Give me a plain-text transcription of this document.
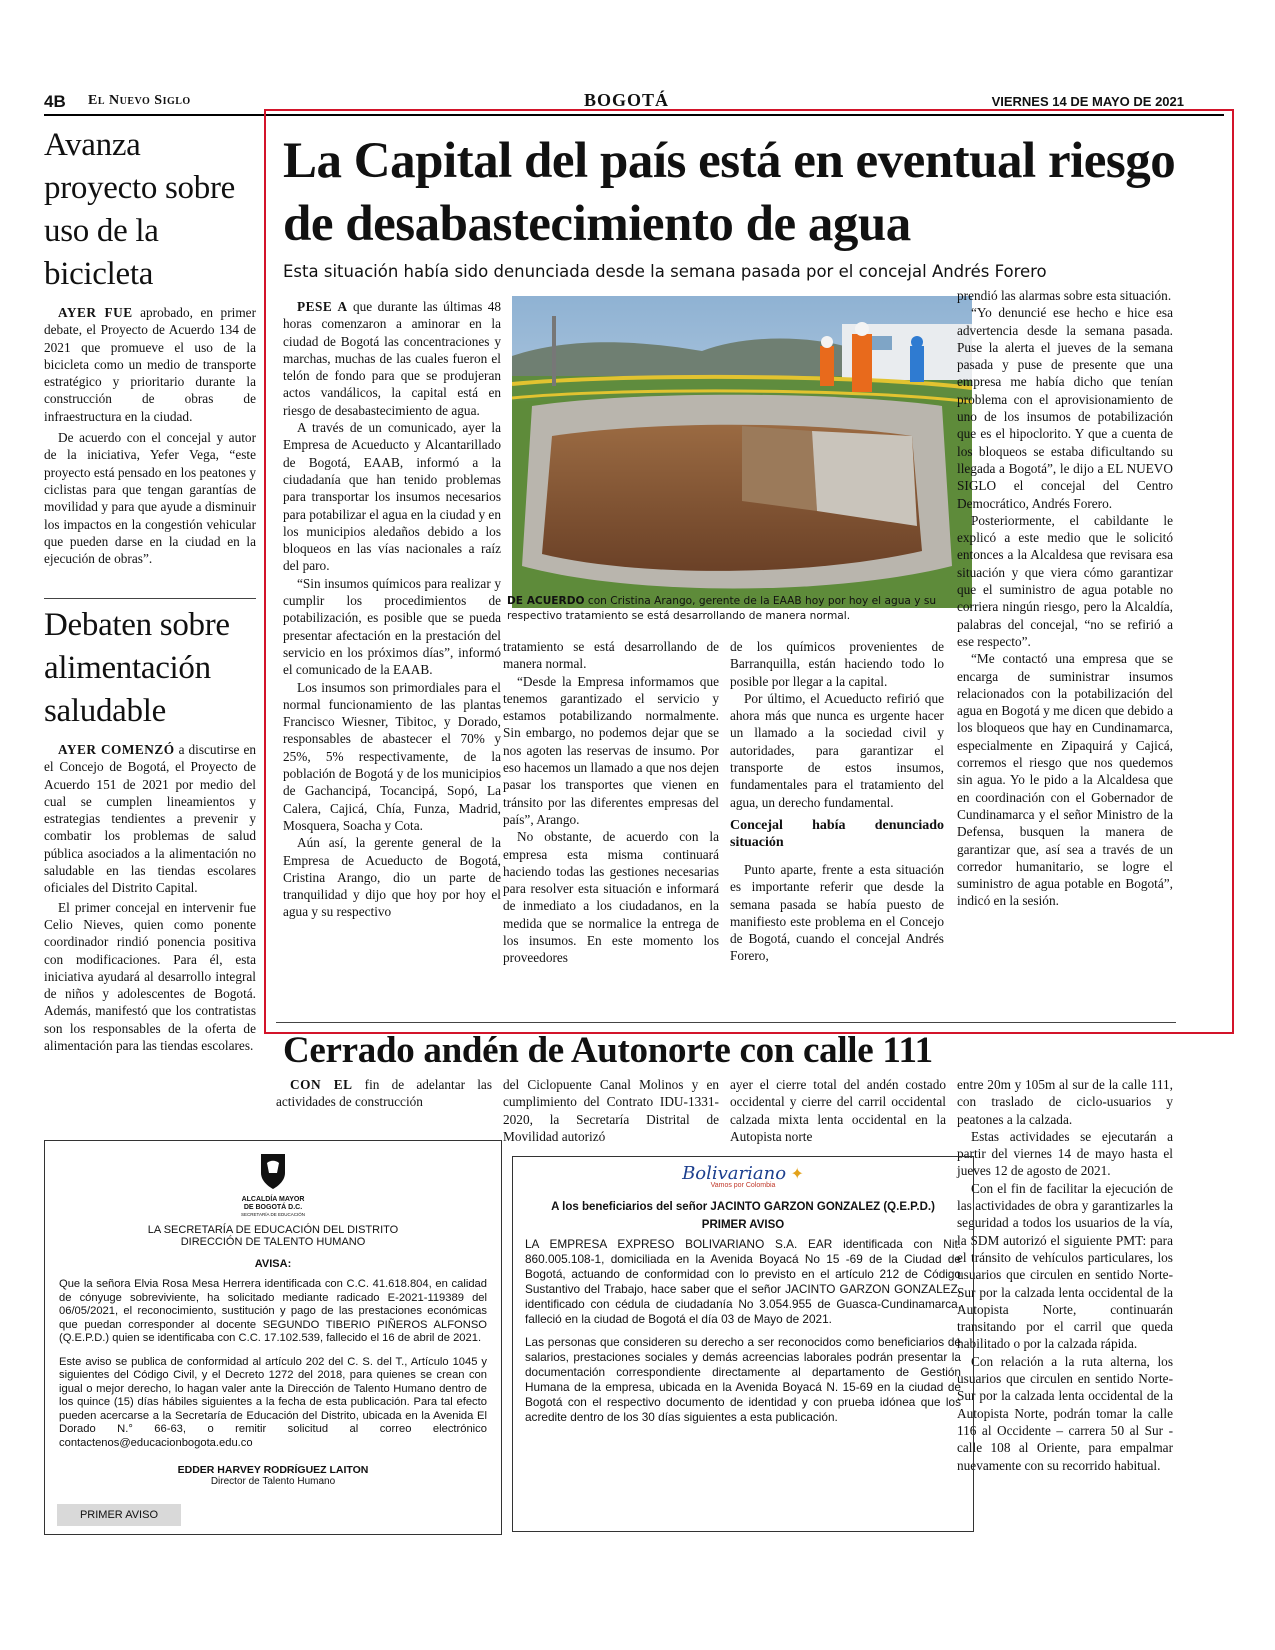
4B El Nuevo Siglo	BOGOTÁ	VIERNES 14 DE MAYO DE 2021
Avanza proyecto sobre uso de la bicicleta

AYER FUE aprobado, en primer debate, el Proyecto de Acuerdo 134 de 2021 que promueve el uso de la bicicleta como un medio de transporte estratégico y prioritario durante la construcción de obras de infraestructura en la ciudad.

De acuerdo con el concejal y autor de la iniciativa, Yefer Vega, “este proyecto está pensado en los peatones y ciclistas para que tengan garantías de movilidad y para que ayude a disminuir los impactos en la congestión vehicular que pueden darse en la ciudad en la ejecución de obras”.

Debaten sobre alimentación saludable

AYER COMENZÓ a discutirse en el Concejo de Bogotá, el Proyecto de Acuerdo 151 de 2021 por medio del cual se cumplen lineamientos y estrategias tendientes a prevenir y combatir los problemas de salud pública asociados a la alimentación no saludable en las tiendas escolares oficiales del Distrito Capital.

El primer concejal en intervenir fue Celio Nieves, quien como ponente coordinador rindió ponencia positiva con modificaciones. Para él, esta iniciativa ayudará al desarrollo integral de niños y adolescentes de Bogotá. Además, manifestó que los contratistas son los responsables de la oferta de alimentación para las tiendas escolares.

La Capital del país está en eventual riesgo de desabastecimiento de agua
Esta situación había sido denunciada desde la semana pasada por el concejal Andrés Forero

PESE A que durante las últimas 48 horas comenzaron a aminorar en la ciudad de Bogotá las concentraciones y marchas, muchas de las cuales fueron el telón de fondo para que se produjeran actos vandálicos, la capital está en riesgo de desabastecimiento de agua.

A través de un comunicado, ayer la Empresa de Acueducto y Alcantarillado de Bogotá, EAAB, informó a la ciudadanía que han tenido problemas para transportar los insumos necesarios para potabilizar el agua en la ciudad y en los municipios aledaños debido a los bloqueos en las vías nacionales a raíz del paro.

“Sin insumos químicos para realizar y cumplir los procedimientos de potabilización, es posible que se pueda presentar afectación en la prestación del servicio en los próximos días”, informó el comunicado de la EAAB.

Los insumos son primordiales para el normal funcionamiento de las plantas Francisco Wiesner, Tibitoc, y Dorado, responsables de abastecer el 70% y 25%, 5% respectivamente, de la población de Bogotá y de los municipios de Gachancipá, Tocancipá, Sopó, La Calera, Cajicá, Chía, Funza, Madrid, Mosquera, Soacha y Cota.

Aún así, la gerente general de la Empresa de Acueducto de Bogotá, Cristina Arango, dio un parte de tranquilidad y dijo que hoy por hoy el agua y su respectivo

DE ACUERDO con Cristina Arango, gerente de la EAAB hoy por hoy el agua y su respectivo tratamiento se está desarrollando de manera normal.

tratamiento se está desarrollando de manera normal.

“Desde la Empresa informamos que tenemos garantizado el servicio y estamos potabilizando normalmente. Sin embargo, no podemos dejar que se nos agoten las reservas de insumo. Por eso hacemos un llamado a que nos dejen pasar los transportes que vienen en tránsito por las diferentes empresas del país”, Arango.

No obstante, de acuerdo con la empresa esta misma continuará haciendo todas las gestiones necesarias para resolver esta situación e informará de inmediato a los ciudadanos, en la medida que se normalice la entrega de los insumos. En este momento los proveedores

de los químicos provenientes de Barranquilla, están haciendo todo lo posible por llegar a la capital.

Por último, el Acueducto refirió que ahora más que nunca es urgente hacer un llamado a la sociedad civil y autoridades, para garantizar el transporte de estos insumos, fundamentales para el tratamiento del agua, un derecho fundamental.

Concejal había denunciado situación

Punto aparte, frente a esta situación es importante referir que desde la semana pasada se había puesto de manifiesto este problema en el Concejo de Bogotá, cuando el concejal Andrés Forero,

prendió las alarmas sobre esta situación.

“Yo denuncié ese hecho e hice esa advertencia desde la semana pasada. Puse la alerta el jueves de la semana pasada y puse de presente que una empresa me había dicho que tenían problema con el aprovisionamiento de uno de los insumos de potabilización que es el hipoclorito. Y que a cuenta de los bloqueos se estaba dificultando su llegada a Bogotá”, le dijo a EL NUEVO SIGLO el concejal del Centro Democrático, Andrés Forero.

Posteriormente, el cabildante le explicó a este medio que le solicitó entonces a la Alcaldesa que revisara esa situación y que viera cómo garantizar que el suministro de agua potable no corriera ningún riesgo, pero la Alcaldía, palabras del concejal, “no se refirió a ese respecto”.

“Me contactó una empresa que se encarga de suministrar insumos relacionados con la potabilización del agua en Bogotá y me dicen que debido a los bloqueos que hay en Cundinamarca, especialmente en Zipaquirá y Cajicá, corremos el riesgo que nos quedemos sin agua. Yo le pido a la Alcaldesa que en coordinación con el Gobernador de Cundinamarca y el señor Ministro de la Defensa, busquen la manera de garantizar que, así sea a través de un corredor humanitario, se logre el suministro de agua potable en Bogotá”, indicó en la sesión.

Cerrado andén de Autonorte con calle 111

CON EL fin de adelantar las actividades de construcción

del Ciclopuente Canal Molinos y en cumplimiento del Contrato IDU-1331-2020, la Secretaría Distrital de Movilidad autorizó

ayer el cierre total del andén costado occidental y cierre del carril occidental calzada mixta lenta occidental en la Autopista norte

entre 20m y 105m al sur de la calle 111, con traslado de ciclo-usuarios y peatones a la calzada.

Estas actividades se ejecutarán a partir del viernes 14 de mayo hasta el jueves 12 de agosto de 2021.

Con el fin de facilitar la ejecución de las actividades de obra y garantizarles la seguridad a todos los usuarios de la vía, la SDM autorizó el siguiente PMT: para el tránsito de vehículos particulares, los usuarios que circulen en sentido Norte-Sur por la calzada lenta occidental de la Autopista Norte, continuarán transitando por el carril que queda habilitado o por la calzada rápida.

Con relación a la ruta alterna, los usuarios que circulen en sentido Norte-Sur por la calzada lenta occidental de la Autopista Norte, podrán tomar la calle 116 al Occidente – carrera 50 al Sur - calle 108 al Oriente, para empalmar nuevamente con su recorrido habitual.

ALCALDÍA MAYOR
DE BOGOTÁ D.C.
SECRETARÍA DE EDUCACIÓN
LA SECRETARÍA DE EDUCACIÓN DEL DISTRITO
DIRECCIÓN DE TALENTO HUMANO
AVISA:
Que la señora Elvia Rosa Mesa Herrera identificada con C.C. 41.618.804, en calidad de cónyuge sobreviviente, ha solicitado mediante radicado E-2021-119389 del 06/05/2021, el reconocimiento, sustitución y pago de las prestaciones económicas que puedan corresponder al docente SEGUNDO TIBERIO PIÑEROS ALFONSO (Q.E.P.D.) quien se identificaba con C.C. 17.102.539, fallecido el 16 de abril de 2021.
Este aviso se publica de conformidad al artículo 202 del C. S. del T., Artículo 1045 y siguientes del Código Civil, y el Decreto 1272 del 2018, para quienes se crean con igual o mejor derecho, lo hagan valer ante la Dirección de Talento Humano dentro de los quince (15) días hábiles siguientes a la fecha de esta publicación. Para tal efecto pueden acercarse a la Secretaría de Educación del Distrito, ubicada en la Avenida El Dorado N.° 66-63, o remitir solicitud al correo electrónico contactenos@educacionbogota.edu.co
EDDER HARVEY RODRÍGUEZ LAITON
Director de Talento Humano
PRIMER AVISO
Bolivariano ✦
Vamos por Colombia
A los beneficiarios del señor JACINTO GARZON GONZALEZ (Q.E.P.D.)
PRIMER AVISO
LA EMPRESA EXPRESO BOLIVARIANO S.A. EAR identificada con Nit. 860.005.108-1, domiciliada en la Avenida Boyacá No 15 -69 de la Ciudad de Bogotá, actuando de conformidad con lo previsto en el artículo 212 de Código Sustantivo del Trabajo, hace saber que el señor JACINTO GARZON GONZALEZ, identificado con cédula de ciudadanía No 3.054.955 de Guasca-Cundinamarca, falleció en la ciudad de Bogotá el día 03 de Mayo de 2021.
Las personas que consideren su derecho a ser reconocidos como beneficiarios de salarios, prestaciones sociales y demás acreencias laborales podrán presentar la documentación correspondiente directamente al departamento de Gestión Humana de la empresa, ubicada en la Avenida Boyacá N. 15-69 en la ciudad de Bogotá con el respectivo documento de identidad y con prueba idónea que los acredite dentro de los 30 días siguientes a esta publicación.
